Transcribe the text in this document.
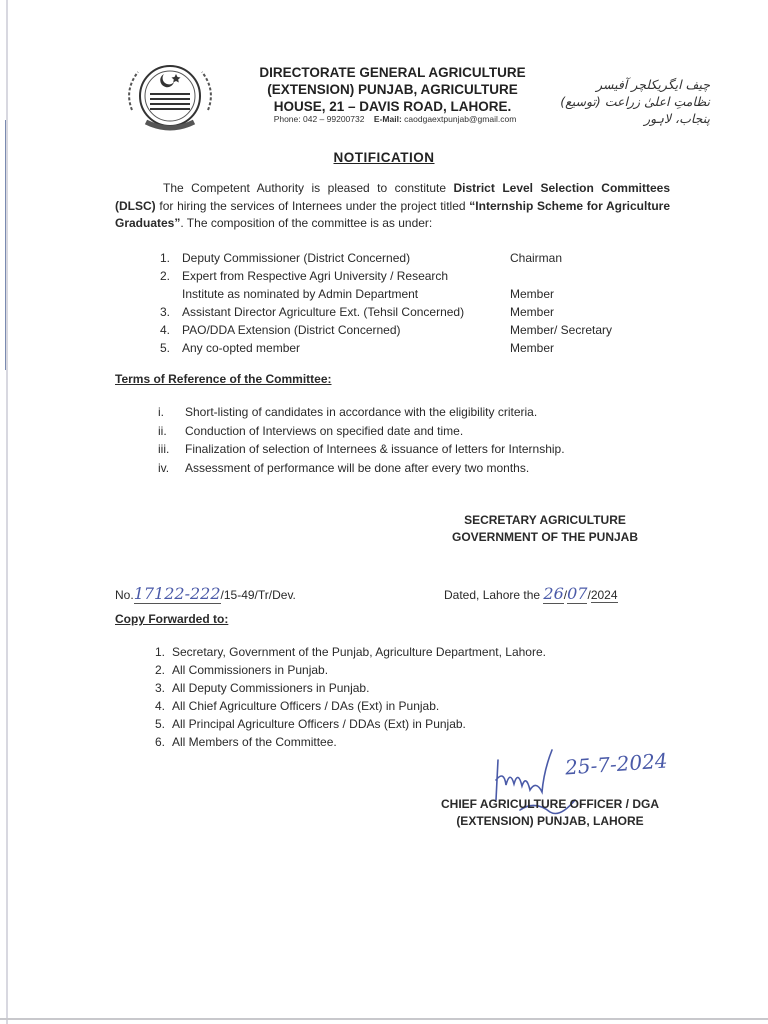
DIRECTORATE GENERAL AGRICULTURE
(EXTENSION) PUNJAB, AGRICULTURE
HOUSE, 21 – DAVIS ROAD, LAHORE.
Phone: 042 – 99200732 E-Mail: caodgaextpunjab@gmail.com
چیف ایگریکلچر آفیسر
نظامتِ اعلیٰ زراعت (توسیع)
پنجاب، لاہور
NOTIFICATION
The Competent Authority is pleased to constitute District Level Selection Committees (DLSC) for hiring the services of Internees under the project titled “Internship Scheme for Agriculture Graduates”. The composition of the committee is as under:
1. Deputy Commissioner (District Concerned)	Chairman
2. Expert from Respective Agri University / Research
Institute as nominated by Admin Department	Member
3. Assistant Director Agriculture Ext. (Tehsil Concerned)	Member
4. PAO/DDA Extension (District Concerned)	Member/ Secretary
5. Any co-opted member	Member
Terms of Reference of the Committee:
i.	Short-listing of candidates in accordance with the eligibility criteria.
ii.	Conduction of Interviews on specified date and time.
iii.	Finalization of selection of Internees & issuance of letters for Internship.
iv.	Assessment of performance will be done after every two months.
SECRETARY AGRICULTURE
GOVERNMENT OF THE PUNJAB
No.17122-222/15-49/Tr/Dev.	Dated, Lahore the 26/07/2024
Copy Forwarded to:
1. Secretary, Government of the Punjab, Agriculture Department, Lahore.
2. All Commissioners in Punjab.
3. All Deputy Commissioners in Punjab.
4. All Chief Agriculture Officers / DAs (Ext) in Punjab.
5. All Principal Agriculture Officers / DDAs (Ext) in Punjab.
6. All Members of the Committee.
25-7-2024
CHIEF AGRICULTURE OFFICER / DGA
(EXTENSION) PUNJAB, LAHORE
